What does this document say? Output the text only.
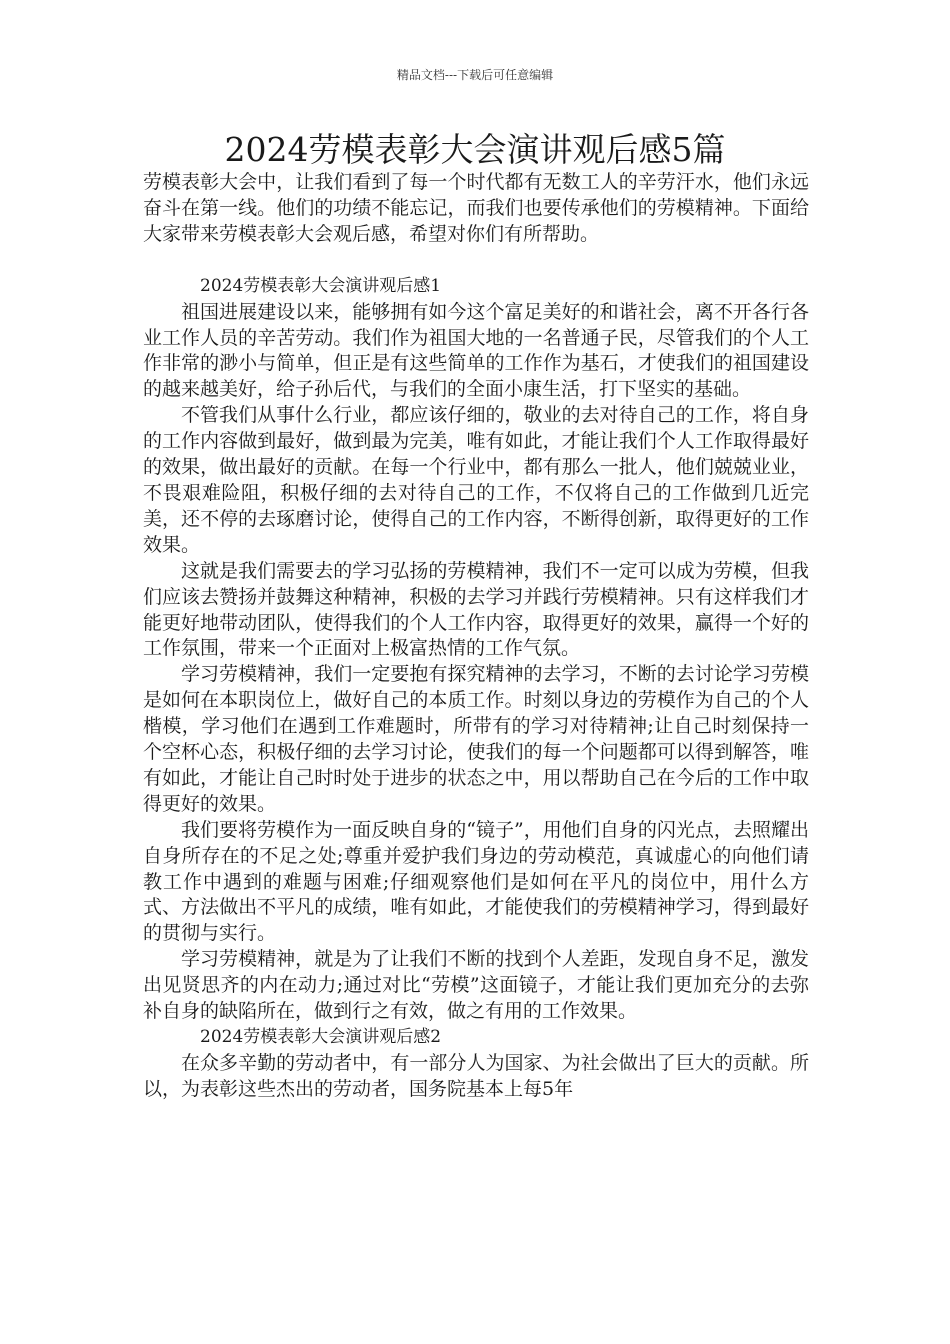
精品文档---下载后可任意编辑
2024劳模表彰大会演讲观后感5篇

劳模表彰大会中，让我们看到了每一个时代都有无数工人的辛劳汗水，他们永远奋斗在第一线。他们的功绩不能忘记，而我们也要传承他们的劳模精神。下面给大家带来劳模表彰大会观后感，希望对你们有所帮助。

2024劳模表彰大会演讲观后感1

祖国进展建设以来，能够拥有如今这个富足美好的和谐社会，离不开各行各业工作人员的辛苦劳动。我们作为祖国大地的一名普通子民，尽管我们的个人工作非常的渺小与简单，但正是有这些简单的工作作为基石，才使我们的祖国建设的越来越美好，给子孙后代，与我们的全面小康生活，打下坚实的基础。

不管我们从事什么行业，都应该仔细的，敬业的去对待自己的工作，将自身的工作内容做到最好，做到最为完美，唯有如此，才能让我们个人工作取得最好的效果，做出最好的贡献。在每一个行业中，都有那么一批人，他们兢兢业业，不畏艰难险阻，积极仔细的去对待自己的工作，不仅将自己的工作做到几近完美，还不停的去琢磨讨论，使得自己的工作内容，不断得创新，取得更好的工作效果。

这就是我们需要去的学习弘扬的劳模精神，我们不一定可以成为劳模，但我们应该去赞扬并鼓舞这种精神，积极的去学习并践行劳模精神。只有这样我们才能更好地带动团队，使得我们的个人工作内容，取得更好的效果，赢得一个好的工作氛围，带来一个正面对上极富热情的工作气氛。

学习劳模精神，我们一定要抱有探究精神的去学习，不断的去讨论学习劳模是如何在本职岗位上，做好自己的本质工作。时刻以身边的劳模作为自己的个人楷模，学习他们在遇到工作难题时，所带有的学习对待精神;让自己时刻保持一个空杯心态，积极仔细的去学习讨论，使我们的每一个问题都可以得到解答，唯有如此，才能让自己时时处于进步的状态之中，用以帮助自己在今后的工作中取得更好的效果。

我们要将劳模作为一面反映自身的“镜子”，用他们自身的闪光点，去照耀出自身所存在的不足之处;尊重并爱护我们身边的劳动模范，真诚虚心的向他们请教工作中遇到的难题与困难;仔细观察他们是如何在平凡的岗位中，用什么方式、方法做出不平凡的成绩，唯有如此，才能使我们的劳模精神学习，得到最好的贯彻与实行。

学习劳模精神，就是为了让我们不断的找到个人差距，发现自身不足，激发出见贤思齐的内在动力;通过对比“劳模”这面镜子，才能让我们更加充分的去弥补自身的缺陷所在，做到行之有效，做之有用的工作效果。

2024劳模表彰大会演讲观后感2

在众多辛勤的劳动者中，有一部分人为国家、为社会做出了巨大的贡献。所以，为表彰这些杰出的劳动者，国务院基本上每5年
